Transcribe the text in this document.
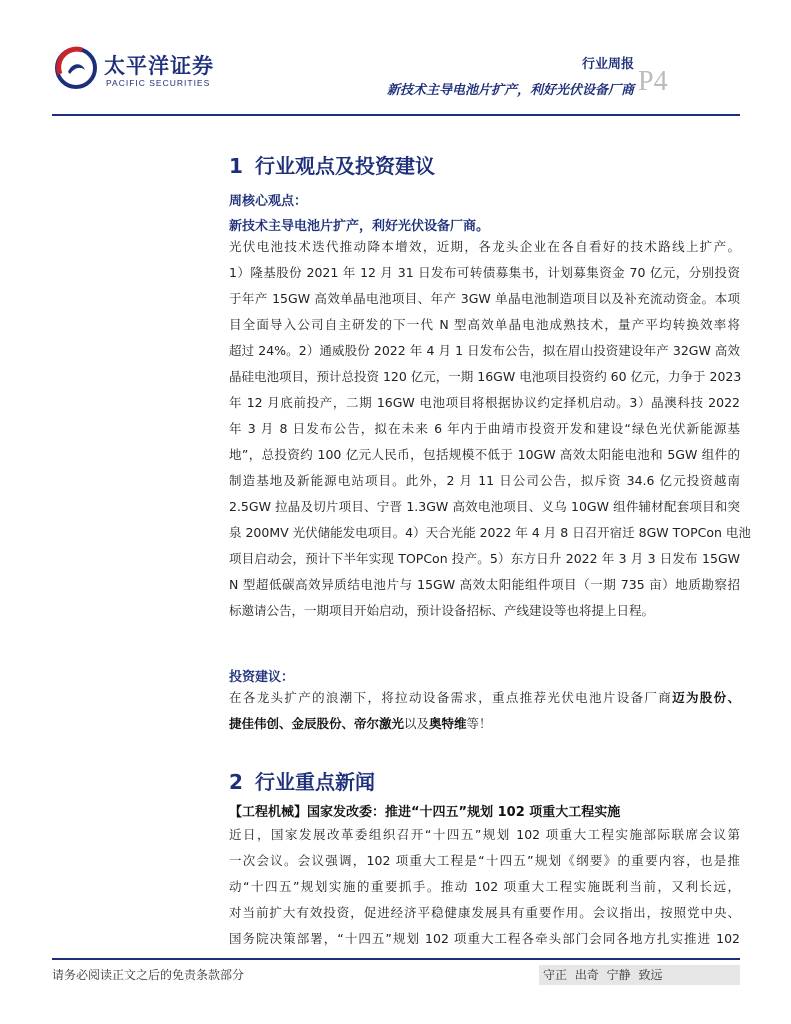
太平洋证券
PACIFIC SECURITIES
行业周报
新技术主导电池片扩产，利好光伏设备厂商 P4
1 行业观点及投资建议
周核心观点：
新技术主导电池片扩产，利好光伏设备厂商。
光伏电池技术迭代推动降本增效，近期，各龙头企业在各自看好的技术路线上扩产。
1）隆基股份 2021 年 12 月 31 日发布可转债募集书，计划募集资金 70 亿元，分别投资
于年产 15GW 高效单晶电池项目、年产 3GW 单晶电池制造项目以及补充流动资金。本项
目全面导入公司自主研发的下一代 N 型高效单晶电池成熟技术，量产平均转换效率将
超过 24%。2）通威股份 2022 年 4 月 1 日发布公告，拟在眉山投资建设年产 32GW 高效
晶硅电池项目，预计总投资 120 亿元，一期 16GW 电池项目投资约 60 亿元，力争于 2023
年 12 月底前投产，二期 16GW 电池项目将根据协议约定择机启动。3）晶澳科技 2022
年 3 月 8 日发布公告，拟在未来 6 年内于曲靖市投资开发和建设“绿色光伏新能源基
地”，总投资约 100 亿元人民币，包括规模不低于 10GW 高效太阳能电池和 5GW 组件的
制造基地及新能源电站项目。此外，2 月 11 日公司公告，拟斥资 34.6 亿元投资越南
2.5GW 拉晶及切片项目、宁晋 1.3GW 高效电池项目、义乌 10GW 组件辅材配套项目和突
泉 200MV 光伏储能发电项目。4）天合光能 2022 年 4 月 8 日召开宿迁 8GW TOPCon 电池
项目启动会，预计下半年实现 TOPCon 投产。5）东方日升 2022 年 3 月 3 日发布 15GW
N 型超低碳高效异质结电池片与 15GW 高效太阳能组件项目（一期 735 亩）地质勘察招
标邀请公告，一期项目开始启动，预计设备招标、产线建设等也将提上日程。
投资建议：
在各龙头扩产的浪潮下，将拉动设备需求，重点推荐光伏电池片设备厂商迈为股份、
捷佳伟创、金辰股份、帝尔激光以及奥特维等！
2 行业重点新闻
【工程机械】国家发改委：推进“十四五”规划 102 项重大工程实施
近日，国家发展改革委组织召开“十四五”规划 102 项重大工程实施部际联席会议第
一次会议。会议强调，102 项重大工程是“十四五”规划《纲要》的重要内容，也是推
动“十四五”规划实施的重要抓手。推动 102 项重大工程实施既利当前，又利长远，
对当前扩大有效投资，促进经济平稳健康发展具有重要作用。会议指出，按照党中央、
国务院决策部署，“十四五”规划 102 项重大工程各牵头部门会同各地方扎实推进 102
请务必阅读正文之后的免责条款部分	守正 出奇 宁静 致远
